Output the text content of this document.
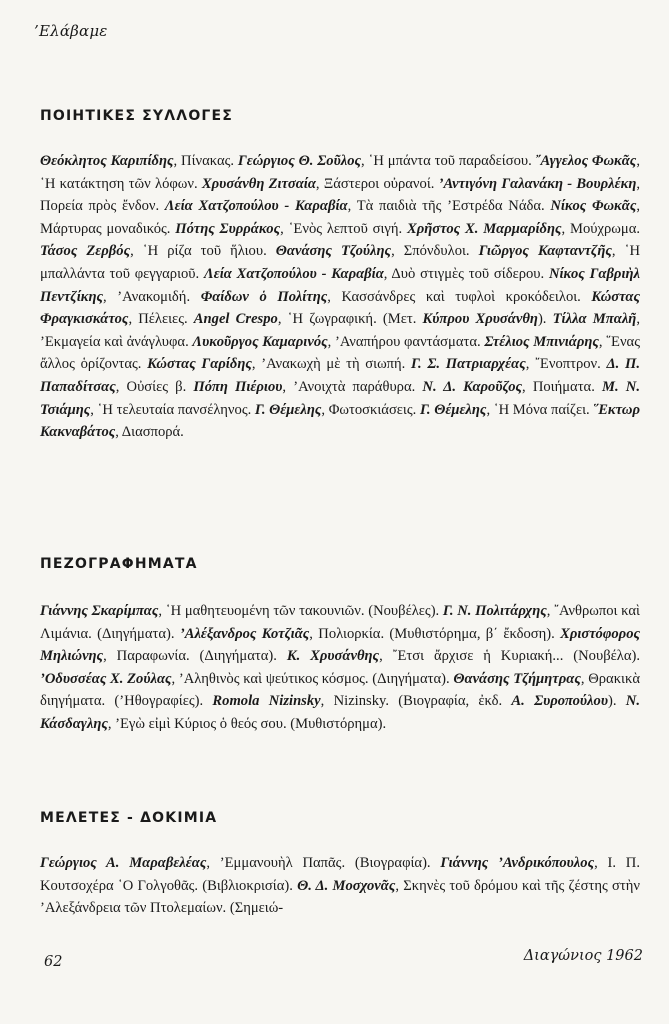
’Ελάβαμε
ΠΟΙΗΤΙΚΕΣ ΣΥΛΛΟΓΕΣ
Θεόκλητος Καριπίδης, Πίνακας. Γεώργιος Θ. Σοῦλος, ῾Η μπάντα τοῦ παραδείσου. ῎Αγγελος Φωκᾶς, ῾Η κατάκτηση τῶν λόφων. Χρυσάνθη Ζιτσαία, Ξάστεροι οὐρανοί. ’Αντιγόνη Γαλανάκη - Βουρλέκη, Πορεία πρὸς ἔνδον. Λεία Χατζοπούλου - Καραβία, Τὰ παιδιὰ τῆς ’Εστρέδα Νάδα. Νίκος Φωκᾶς, Μάρτυρας μοναδικός. Πότης Συρράκος, ῾Ενὸς λεπτοῦ σιγή. Χρῆστος Χ. Μαρμαρίδης, Μούχρωμα. Τάσος Ζερβός, ῾Η ρίζα τοῦ ἥλιου. Θανάσης Τζούλης, Σπόνδυλοι. Γιῶργος Καφταντζῆς, ῾Η μπαλλάντα τοῦ φεγγαριοῦ. Λεία Χατζοπούλου - Καραβία, Δυὸ στιγμὲς τοῦ σίδερου. Νίκος Γαβριὴλ Πεντζίκης, ’Ανακομιδή. Φαίδων ὁ Πολίτης, Κασσάνδρες καὶ τυφλοὶ κροκόδειλοι. Κώστας Φραγκισκάτος, Πέλειες. Angel Crespo, ῾Η ζωγραφική. (Μετ. Κύπρου Χρυσάνθη). Τίλλα Μπαλῆ, ’Εκμαγεία καὶ ἀνάγλυφα. Λυκοῦργος Καμαρινός, ’Αναπήρου φαντάσματα. Στέλιος Μπινιάρης, ῞Ενας ἄλλος ὁρίζοντας. Κώστας Γαρίδης, ’Ανακωχὴ μὲ τὴ σιωπή. Γ. Σ. Πατριαρχέας, ῎Ενοπτρον. Δ. Π. Παπαδίτσας, Οὐσίες β. Πόπη Πιέριου, ’Ανοιχτὰ παράθυρα. Ν. Δ. Καροῦζος, Ποιήματα. Μ. Ν. Τσιάμης, ῾Η τελευταία πανσέληνος. Γ. Θέμελης, Φωτοσκιάσεις. Γ. Θέμελης, ῾Η Μόνα παίζει. ῞Εκτωρ Κακναβάτος, Διασπορά.
ΠΕΖΟΓΡΑΦΗΜΑΤΑ
Γιάννης Σκαρίμπας, ῾Η μαθητευομένη τῶν τακουνιῶν. (Νουβέλες). Γ. Ν. Πολιτάρχης, ῎Ανθρωποι καὶ Λιμάνια. (Διηγήματα). ’Αλέξανδρος Κοτζιᾶς, Πολιορκία. (Μυθιστόρημα, β΄ ἔκδοση). Χριστόφορος Μηλιώνης, Παραφωνία. (Διηγήματα). Κ. Χρυσάνθης, ῎Ετσι ἄρχισε ἡ Κυριακή... (Νουβέλα). ’Οδυσσέας Χ. Ζούλας, ’Αληθινὸς καὶ ψεύτικος κόσμος. (Διηγήματα). Θανάσης Τζήμητρας, Θρακικὰ διηγήματα. (’Ηθογραφίες). Romola Nizinsky, Nizinsky. (Βιογραφία, ἐκδ. Α. Συροπούλου). Ν. Κάσδαγλης, ’Εγὼ εἰμὶ Κύριος ὁ θεός σου. (Μυθιστόρημα).
ΜΕΛΕΤΕΣ - ΔΟΚΙΜΙΑ
Γεώργιος Α. Μαραβελέας, ’Εμμανουὴλ Παπᾶς. (Βιογραφία). Γιάννης ’Ανδρικόπουλος, Ι. Π. Κουτσοχέρα ῾Ο Γολγοθᾶς. (Βιβλιοκρισία). Θ. Δ. Μοσχονᾶς, Σκηνὲς τοῦ δρόμου καὶ τῆς ζέστης στὴν ’Αλεξάνδρεια τῶν Πτολεμαίων. (Σημειώ-
62	Διαγώνιος 1962
